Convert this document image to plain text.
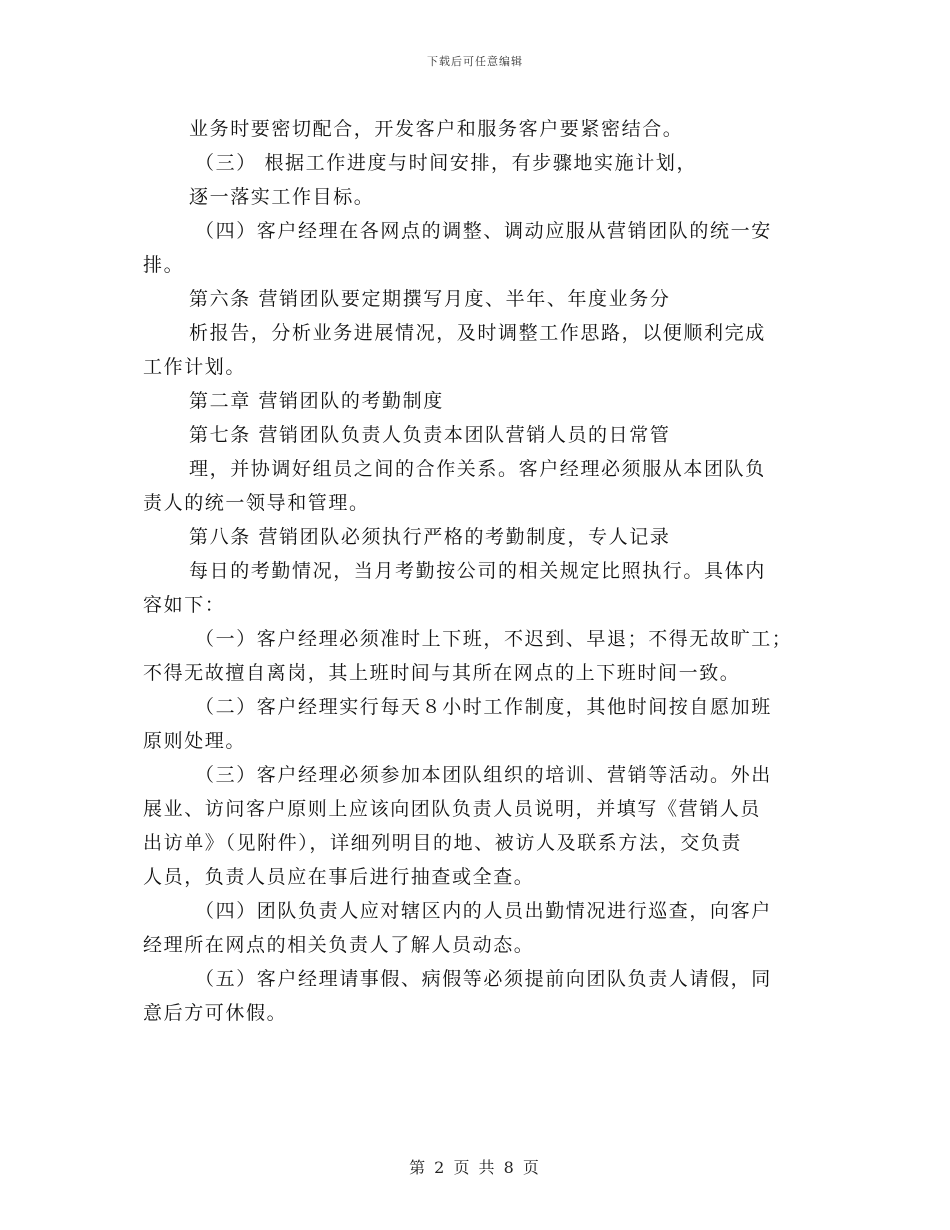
下载后可任意编辑
业务时要密切配合，开发客户和服务客户要紧密结合。
（三） 根据工作进度与时间安排，有步骤地实施计划，
逐一落实工作目标。
（四）客户经理在各网点的调整、调动应服从营销团队的统一安
排。
第六条 营销团队要定期撰写月度、半年、年度业务分
析报告，分析业务进展情况，及时调整工作思路，以便顺利完成
工作计划。
第二章 营销团队的考勤制度
第七条 营销团队负责人负责本团队营销人员的日常管
理，并协调好组员之间的合作关系。客户经理必须服从本团队负
责人的统一领导和管理。
第八条 营销团队必须执行严格的考勤制度，专人记录
每日的考勤情况，当月考勤按公司的相关规定比照执行。具体内
容如下：
（一）客户经理必须准时上下班，不迟到、早退；不得无故旷工；
不得无故擅自离岗，其上班时间与其所在网点的上下班时间一致。
（二）客户经理实行每天８小时工作制度，其他时间按自愿加班
原则处理。
（三）客户经理必须参加本团队组织的培训、营销等活动。外出
展业、访问客户原则上应该向团队负责人员说明，并填写《营销人员
出访单》（见附件），详细列明目的地、被访人及联系方法，交负责
人员，负责人员应在事后进行抽查或全查。
（四）团队负责人应对辖区内的人员出勤情况进行巡查，向客户
经理所在网点的相关负责人了解人员动态。
（五）客户经理请事假、病假等必须提前向团队负责人请假，同
意后方可休假。
第 2 页 共 8 页
